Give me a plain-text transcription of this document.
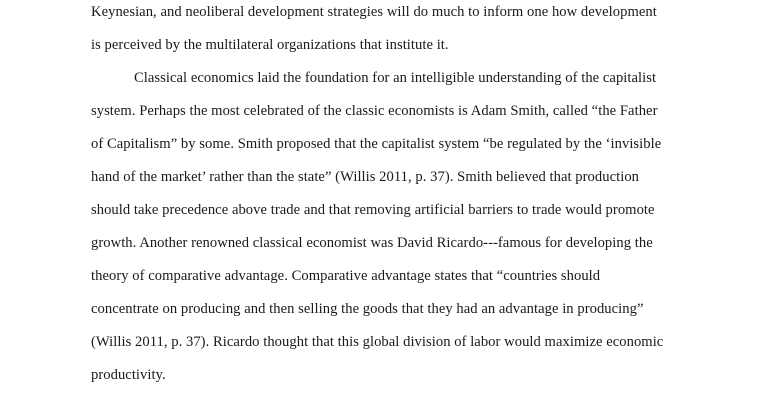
Keynesian, and neoliberal development strategies will do much to inform one how development
is perceived by the multilateral organizations that institute it.
Classical economics laid the foundation for an intelligible understanding of the capitalist
system. Perhaps the most celebrated of the classic economists is Adam Smith, called “the Father
of Capitalism” by some. Smith proposed that the capitalist system “be regulated by the ‘invisible
hand of the market’ rather than the state” (Willis 2011, p. 37). Smith believed that production
should take precedence above trade and that removing artificial barriers to trade would promote
growth. Another renowned classical economist was David Ricardo---famous for developing the
theory of comparative advantage. Comparative advantage states that “countries should
concentrate on producing and then selling the goods that they had an advantage in producing”
(Willis 2011, p. 37). Ricardo thought that this global division of labor would maximize economic
productivity.
